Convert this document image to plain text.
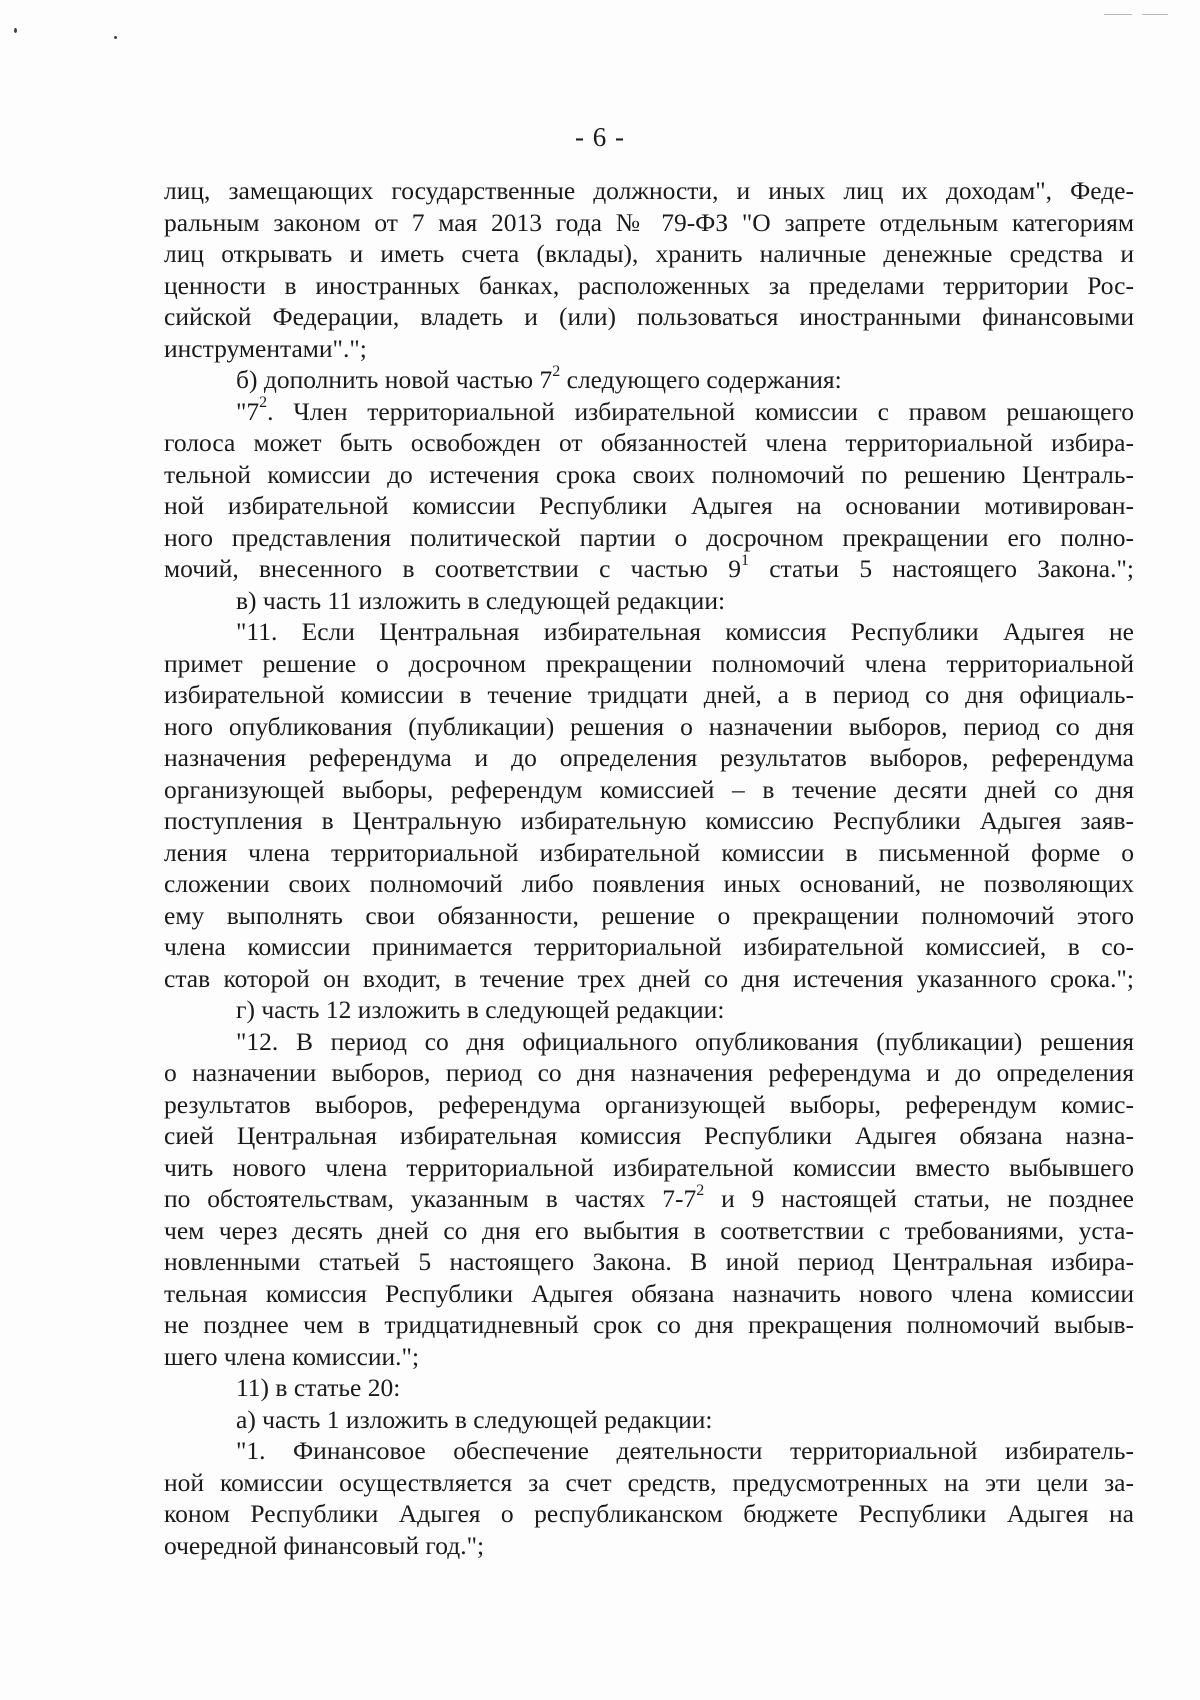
- 6 -
лиц, замещающих государственные должности, и иных лиц их доходам", Феде-
ральным законом от 7 мая 2013 года № 79-ФЗ "О запрете отдельным категориям
лиц открывать и иметь счета (вклады), хранить наличные денежные средства и
ценности в иностранных банках, расположенных за пределами территории Рос-
сийской Федерации, владеть и (или) пользоваться иностранными финансовыми
инструментами".";
б) дополнить новой частью $7^2$ следующего содержания:
"$7^2$. Член территориальной избирательной комиссии с правом решающего
голоса может быть освобожден от обязанностей члена территориальной избира-
тельной комиссии до истечения срока своих полномочий по решению Централь-
ной избирательной комиссии Республики Адыгея на основании мотивирован-
ного представления политической партии о досрочном прекращении его полно-
мочий, внесенного в соответствии с частью $9^1$ статьи 5 настоящего Закона.";
в) часть 11 изложить в следующей редакции:
"11. Если Центральная избирательная комиссия Республики Адыгея не
примет решение о досрочном прекращении полномочий члена территориальной
избирательной комиссии в течение тридцати дней, а в период со дня официаль-
ного опубликования (публикации) решения о назначении выборов, период со дня
назначения референдума и до определения результатов выборов, референдума
организующей выборы, референдум комиссией – в течение десяти дней со дня
поступления в Центральную избирательную комиссию Республики Адыгея заяв-
ления члена территориальной избирательной комиссии в письменной форме о
сложении своих полномочий либо появления иных оснований, не позволяющих
ему выполнять свои обязанности, решение о прекращении полномочий этого
члена комиссии принимается территориальной избирательной комиссией, в со-
став которой он входит, в течение трех дней со дня истечения указанного срока.";
г) часть 12 изложить в следующей редакции:
"12. В период со дня официального опубликования (публикации) решения
о назначении выборов, период со дня назначения референдума и до определения
результатов выборов, референдума организующей выборы, референдум комис-
сией Центральная избирательная комиссия Республики Адыгея обязана назна-
чить нового члена территориальной избирательной комиссии вместо выбывшего
по обстоятельствам, указанным в частях $7-7^2$ и 9 настоящей статьи, не позднее
чем через десять дней со дня его выбытия в соответствии с требованиями, уста-
новленными статьей 5 настоящего Закона. В иной период Центральная избира-
тельная комиссия Республики Адыгея обязана назначить нового члена комиссии
не позднее чем в тридцатидневный срок со дня прекращения полномочий выбыв-
шего члена комиссии.";
11) в статье 20:
а) часть 1 изложить в следующей редакции:
"1. Финансовое обеспечение деятельности территориальной избиратель-
ной комиссии осуществляется за счет средств, предусмотренных на эти цели за-
коном Республики Адыгея о республиканском бюджете Республики Адыгея на
очередной финансовый год.";
